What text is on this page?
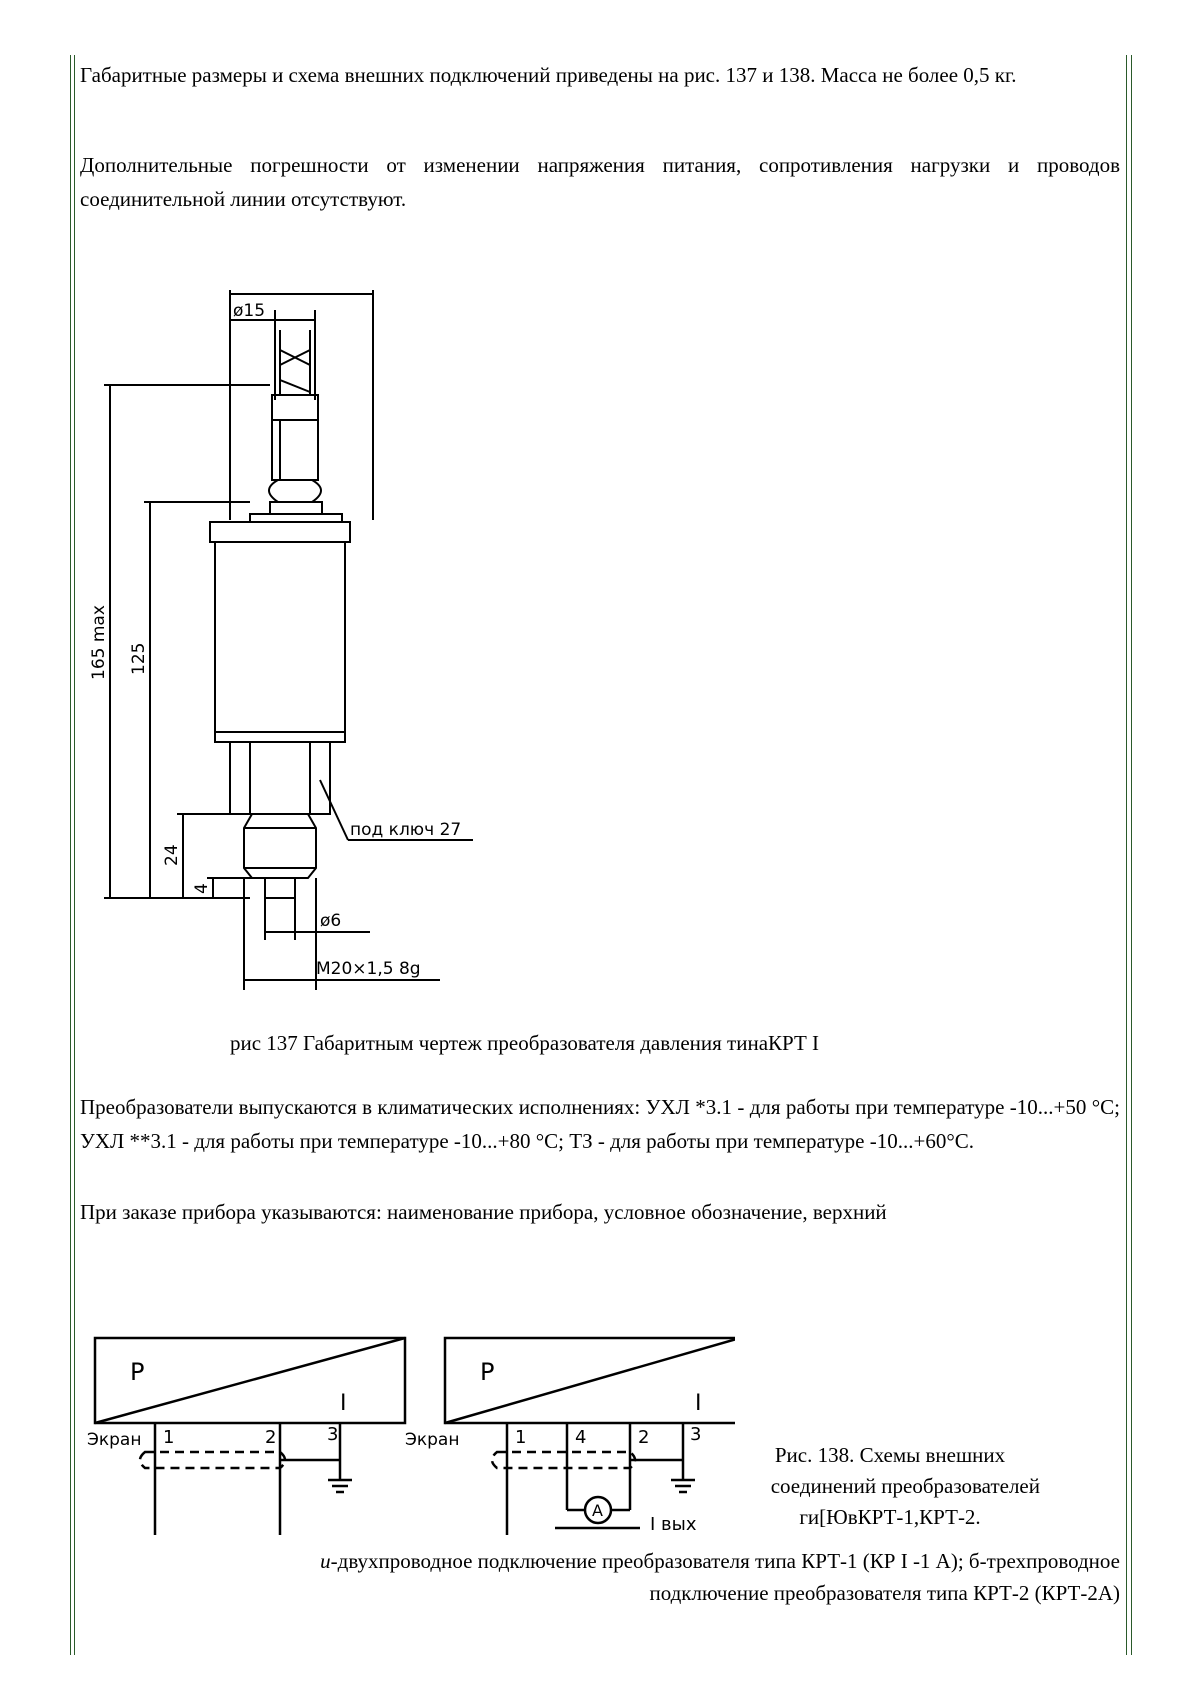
Габаритные размеры и схема внешних подключений приведены на рис. 137 и 138. Масса не более 0,5 кг.

Дополнительные погрешности от изменении напряжения питания, сопротивления нагрузки и проводов соединительной линии отсутствуют.

ø15
165 max 125
24
4
под ключ 27
ø6
M20×1,5 8g

рис 137 Габаритным чертеж преобразователя давления тинаКРТ I

Преобразователи выпускаются в климатических исполнениях: УХЛ *3.1 - для работы при температуре -10...+50 °С; УХЛ **3.1 - для работы при температуре -10...+80 °С; ТЗ - для работы при температуре -10...+60°С.

При заказе прибора указываются: наименование прибора, условное обозначение, верхний

P
I
Экран 1	2	3
P
I
Экран	1	4	2 3
A
I вых
Рис. 138. Схемы внешних
соединений преобразователей
ги[ЮвКРТ-1,КРТ-2.
и-двухпроводное подключение преобразователя типа КРТ-1 (КР I -1 А); б-трехпроводное
подключение преобразователя типа КРТ-2 (КРТ-2А)
